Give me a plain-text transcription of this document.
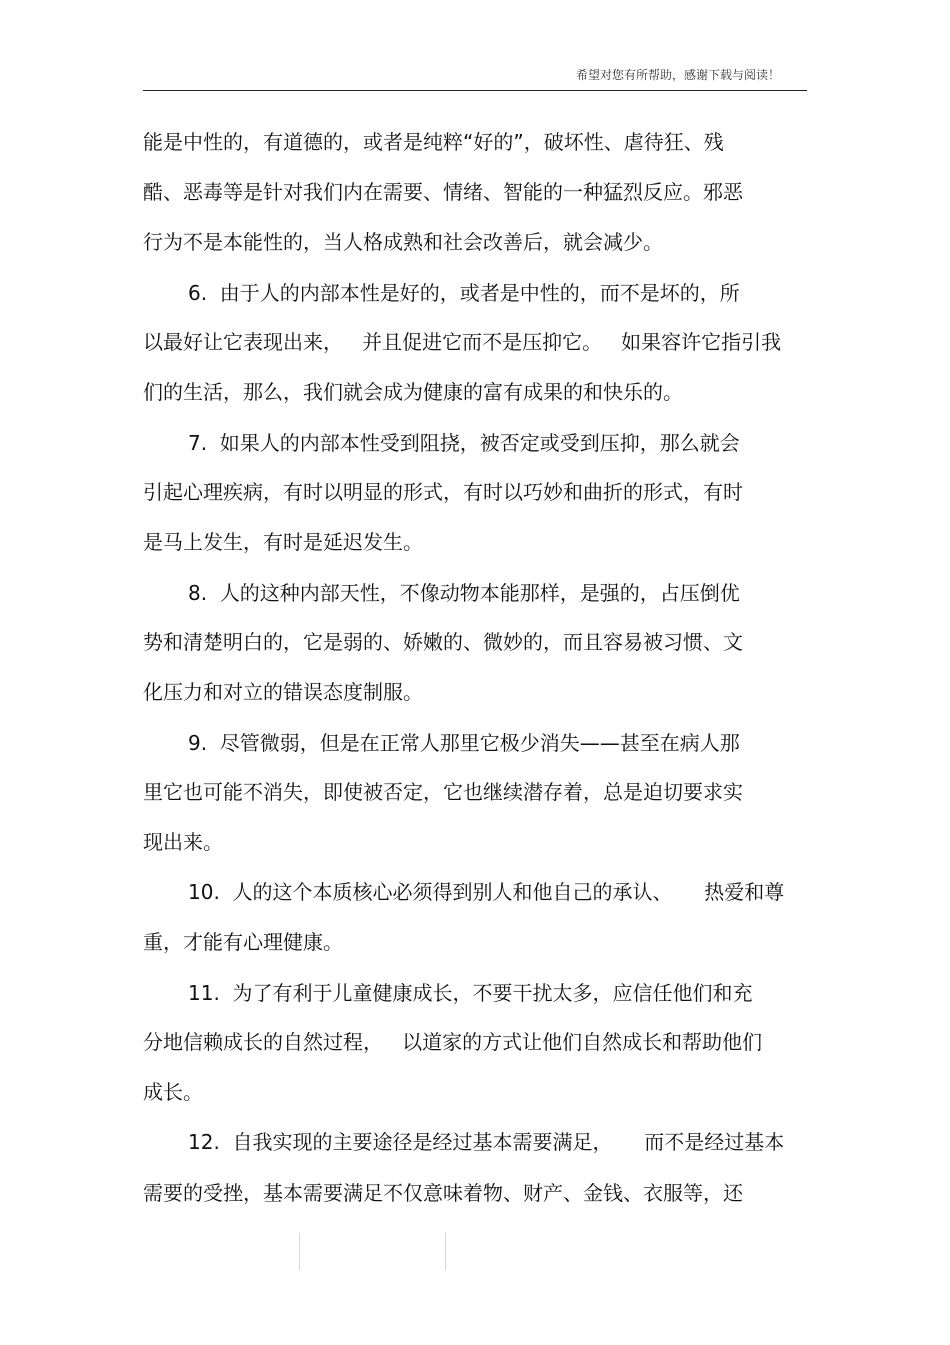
希望对您有所帮助，感谢下载与阅读！
能是中性的，有道德的，或者是纯粹“好的”，破坏性、虐待狂、残
酷、恶毒等是针对我们内在需要、情绪、智能的一种猛烈反应。邪恶
行为不是本能性的，当人格成熟和社会改善后，就会减少。
6.  由于人的内部本性是好的，或者是中性的，而不是坏的，所
以最好让它表现出来，   并且促进它而不是压抑它。   如果容许它指引我
们的生活，那么，我们就会成为健康的富有成果的和快乐的。
7.  如果人的内部本性受到阻挠，被否定或受到压抑，那么就会
引起心理疾病，有时以明显的形式，有时以巧妙和曲折的形式，有时
是马上发生，有时是延迟发生。
8.  人的这种内部天性，不像动物本能那样，是强的，占压倒优
势和清楚明白的，它是弱的、娇嫩的、微妙的，而且容易被习惯、文
化压力和对立的错误态度制服。
9.  尽管微弱，但是在正常人那里它极少消失——甚至在病人那
里它也可能不消失，即使被否定，它也继续潜存着，总是迫切要求实
现出来。
10.  人的这个本质核心必须得到别人和他自己的承认、     热爱和尊
重，才能有心理健康。
11.  为了有利于儿童健康成长，不要干扰太多，应信任他们和充
分地信赖成长的自然过程，   以道家的方式让他们自然成长和帮助他们
成长。
12.  自我实现的主要途径是经过基本需要满足，     而不是经过基本
需要的受挫，基本需要满足不仅意味着物、财产、金钱、衣服等，还
